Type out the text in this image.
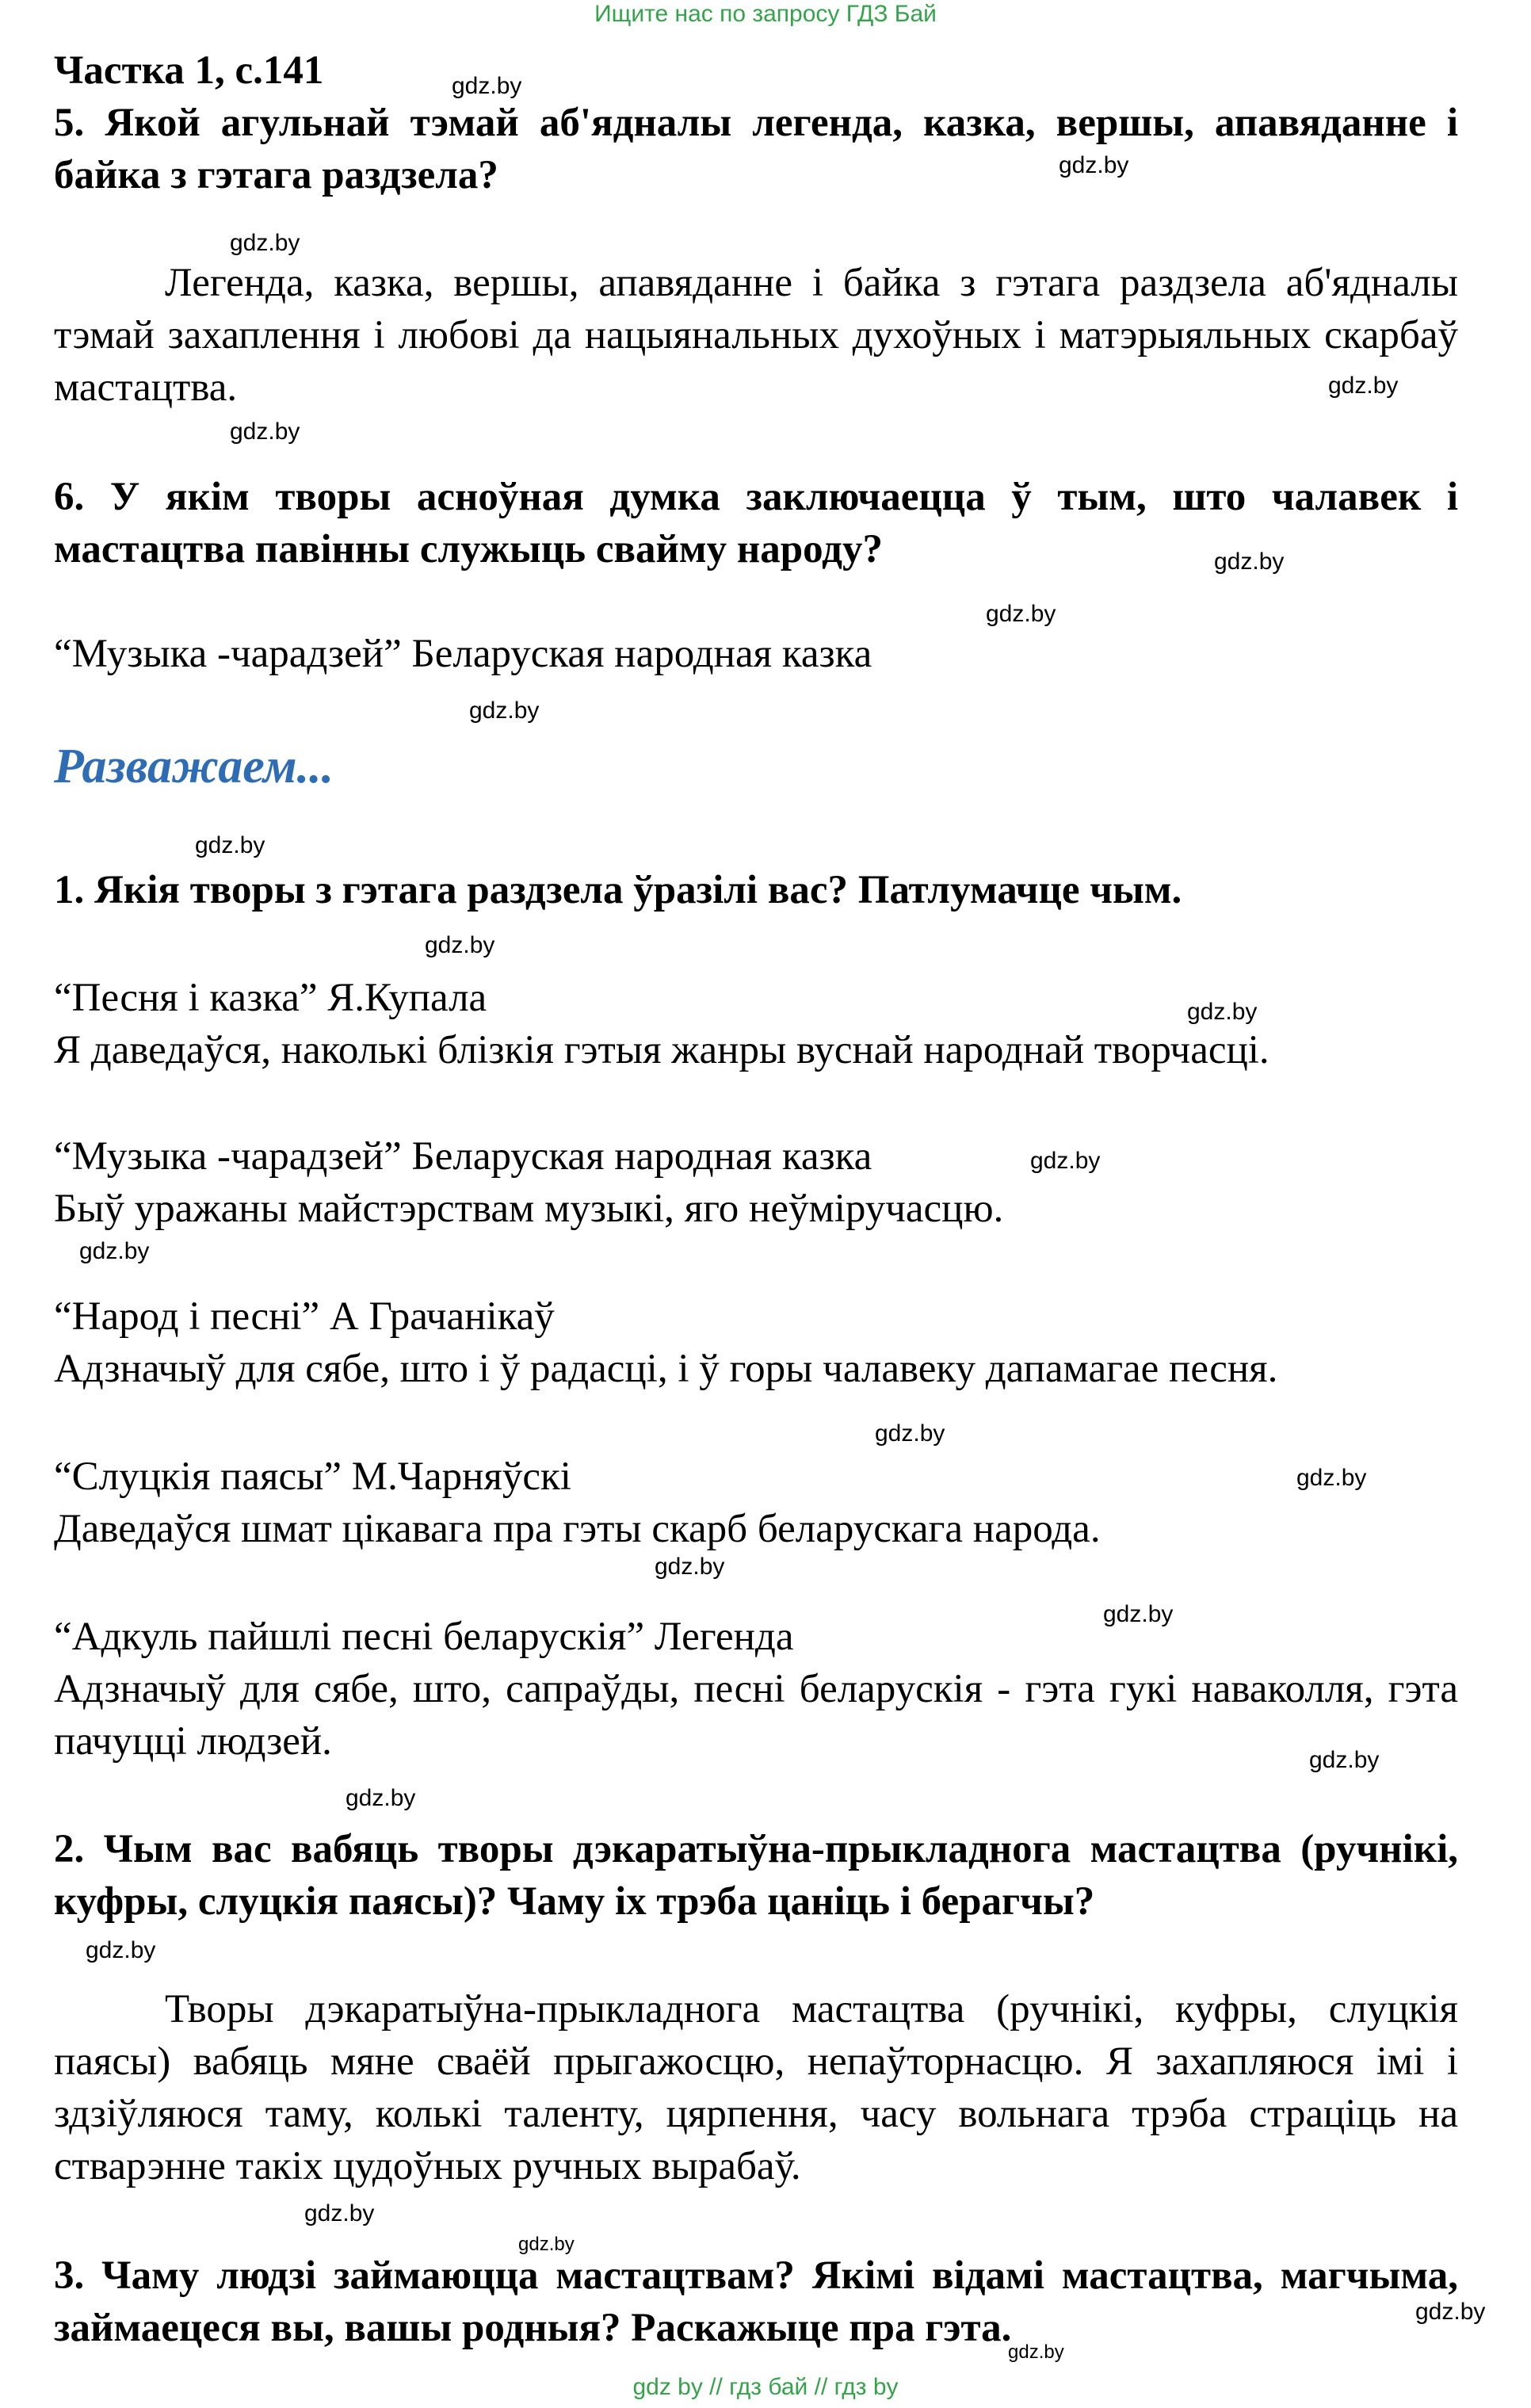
Ищите нас по запросу ГДЗ Бай
Частка 1, с.141
5. Якой агульнай тэмай аб'ядналы легенда, казка, вершы, апавяданне і байка з гэтага раздзела?
Легенда, казка, вершы, апавяданне і байка з гэтага раздзела аб'ядналы тэмай захаплення і любові да нацыянальных духоўных і матэрыяльных скарбаў мастацтва.
6. У якім творы асноўная думка заключаецца ў тым, што чалавек і мастацтва павінны служыць свайму народу?
“Музыка -чарадзей” Беларуская народная казка
Разважаем...
1. Якія творы з гэтага раздзела ўразілі вас? Патлумачце чым.
“Песня і казка” Я.Купала
Я даведаўся, наколькі блізкія гэтыя жанры вуснай народнай творчасці.
“Музыка -чарадзей” Беларуская народная казка
Быў уражаны майстэрствам музыкі, яго неўміручасцю.
“Народ і песні” А Грачанікаў
Адзначыў для сябе, што і ў радасці, і ў горы чалавеку дапамагае песня.
“Слуцкія паясы” М.Чарняўскі
Даведаўся шмат цікавага пра гэты скарб беларускага народа.
“Адкуль пайшлі песні беларускія” Легенда
Адзначыў для сябе, што, сапраўды, песні беларускія - гэта гукі наваколля, гэта пачуцці людзей.
2. Чым вас вабяць творы дэкаратыўна-прыкладнога мастацтва (ручнікі, куфры, слуцкія паясы)? Чаму іх трэба цаніць і берагчы?
Творы дэкаратыўна-прыкладнога мастацтва (ручнікі, куфры, слуцкія паясы) вабяць мяне сваёй прыгажосцю, непаўторнасцю. Я захапляюся імі і здзіўляюся таму, колькі таленту, цярпення, часу вольнага трэба страціць на стварэнне такіх цудоўных ручных вырабаў.
3. Чаму людзі займаюцца мастацтвам? Якімі відамі мастацтва, магчыма, займаецеся вы, вашы родныя? Раскажыце пра гэта.
gdz.by
gdz.by
gdz.by
gdz.by
gdz.by
gdz.by
gdz.by
gdz.by
gdz.by
gdz.by
gdz.by
gdz.by
gdz.by
gdz.by
gdz.by
gdz.by
gdz.by
gdz.by
gdz.by
gdz.by
gdz.by
gdz.by
gdz.by
gdz.by
gdz by // гдз бай // гдз by
